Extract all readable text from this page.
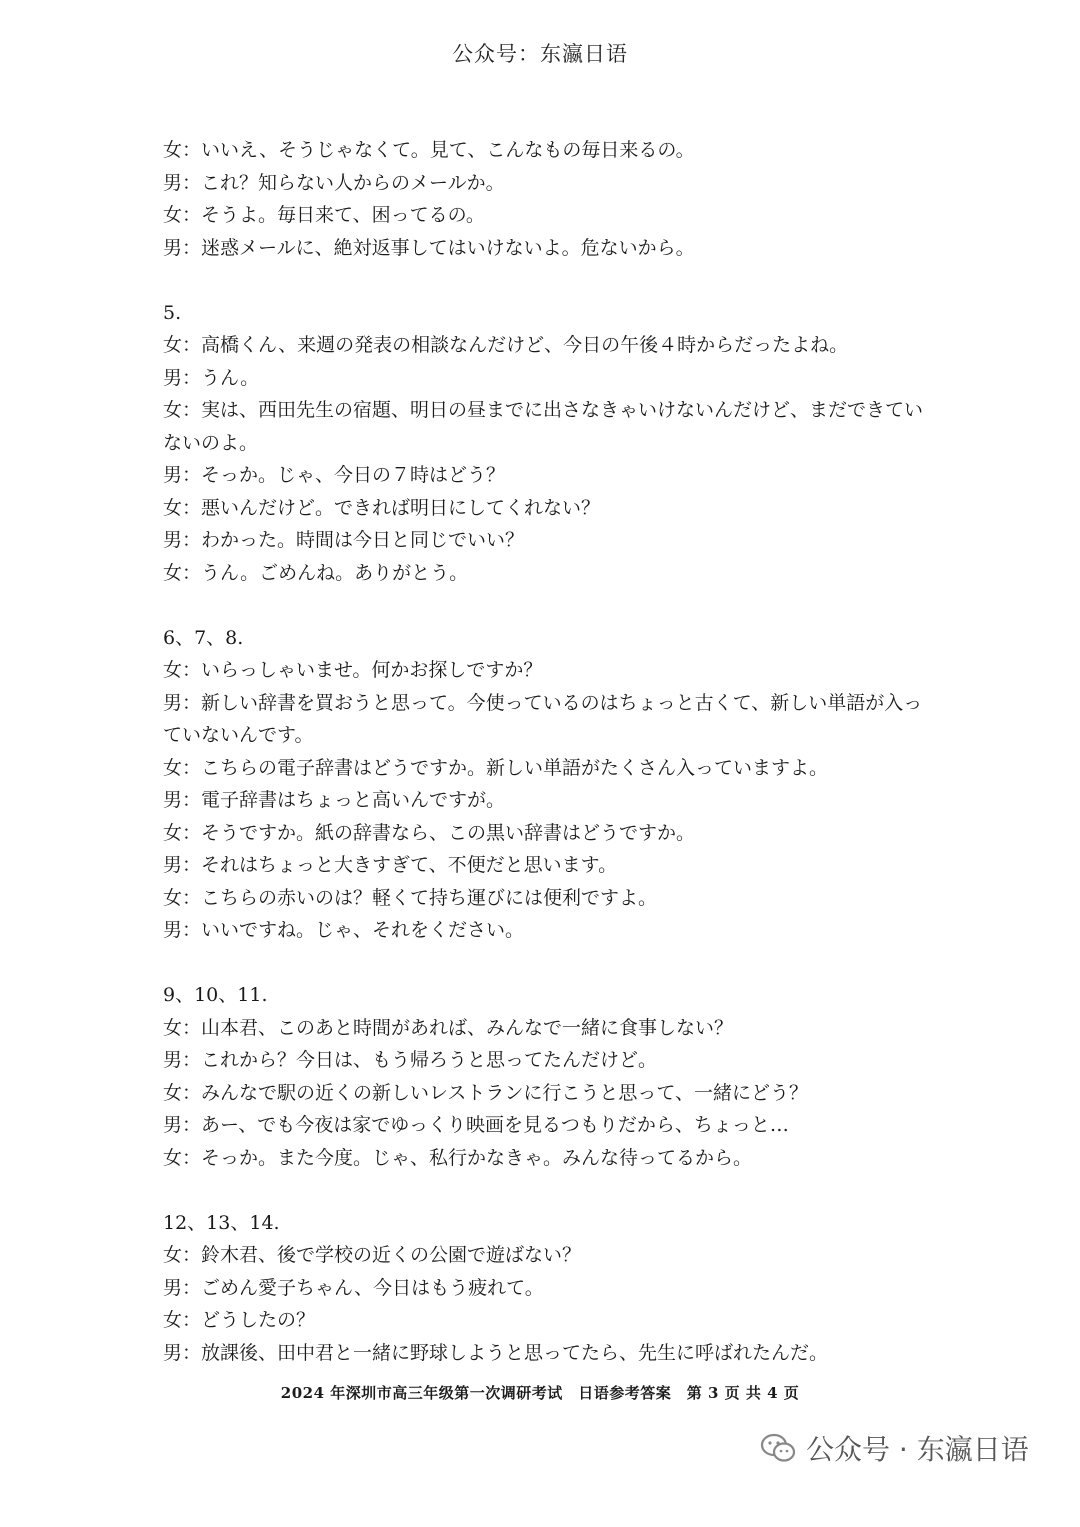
公众号：东瀛日语
女：いいえ、そうじゃなくて。見て、こんなもの毎日来るの。
男：これ？知らない人からのメールか。
女：そうよ。毎日来て、困ってるの。
男：迷惑メールに、絶対返事してはいけないよ。危ないから。
5.
女：高橋くん、来週の発表の相談なんだけど、今日の午後４時からだったよね。
男：うん。
女：実は、西田先生の宿題、明日の昼までに出さなきゃいけないんだけど、まだできてい
ないのよ。
男：そっか。じゃ、今日の７時はどう？
女：悪いんだけど。できれば明日にしてくれない？
男：わかった。時間は今日と同じでいい？
女：うん。ごめんね。ありがとう。
6、7、8.
女：いらっしゃいませ。何かお探しですか？
男：新しい辞書を買おうと思って。今使っているのはちょっと古くて、新しい単語が入っ
ていないんです。
女：こちらの電子辞書はどうですか。新しい単語がたくさん入っていますよ。
男：電子辞書はちょっと高いんですが。
女：そうですか。紙の辞書なら、この黒い辞書はどうですか。
男：それはちょっと大きすぎて、不便だと思います。
女：こちらの赤いのは？軽くて持ち運びには便利ですよ。
男：いいですね。じゃ、それをください。
9、10、11.
女：山本君、このあと時間があれば、みんなで一緒に食事しない？
男：これから？今日は、もう帰ろうと思ってたんだけど。
女：みんなで駅の近くの新しいレストランに行こうと思って、一緒にどう？
男：あー、でも今夜は家でゆっくり映画を見るつもりだから、ちょっと…
女：そっか。また今度。じゃ、私行かなきゃ。みんな待ってるから。
12、13、14.
女：鈴木君、後で学校の近くの公園で遊ばない？
男：ごめん愛子ちゃん、今日はもう疲れて。
女：どうしたの？
男：放課後、田中君と一緒に野球しようと思ってたら、先生に呼ばれたんだ。
2024 年深圳市高三年级第一次调研考试　日语参考答案　第 3 页 共 4 页
公众号 · 东瀛日语
